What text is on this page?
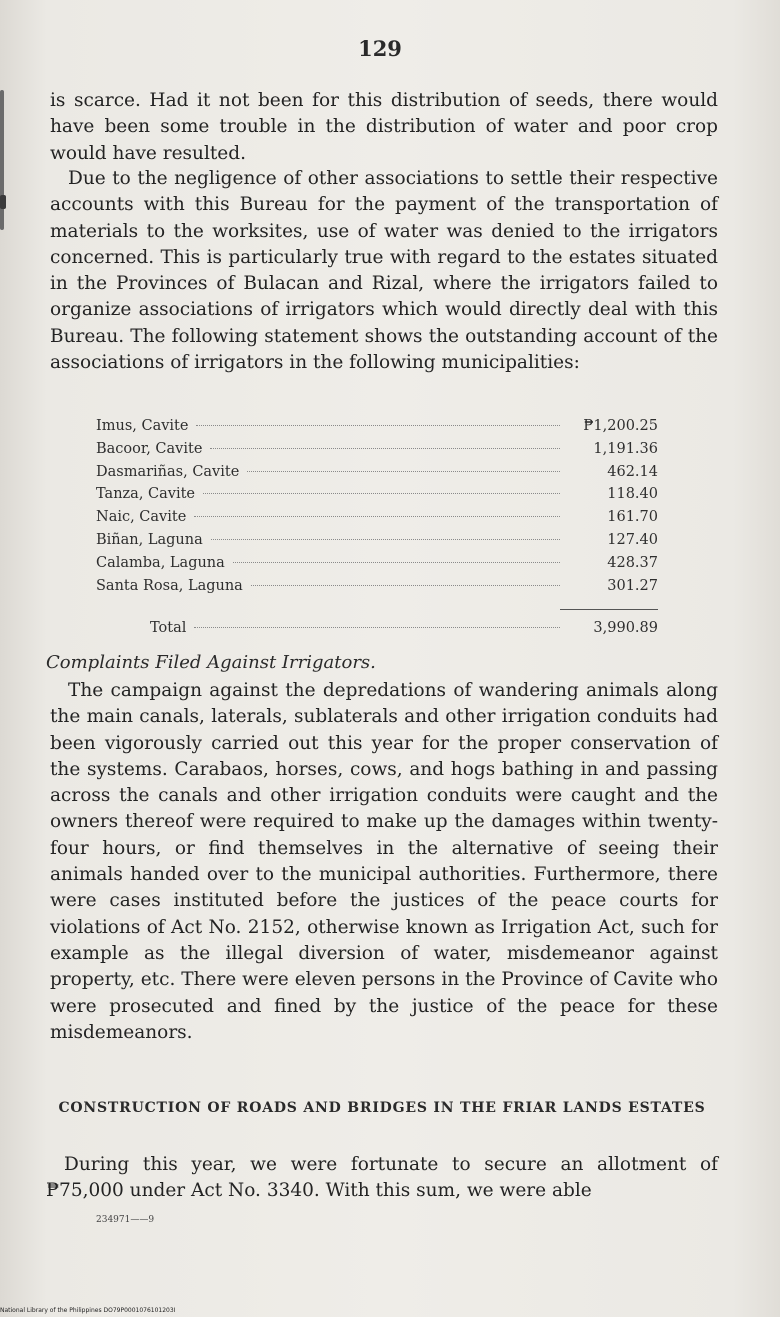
129

is scarce. Had it not been for this distribution of seeds, there would have been some trouble in the distribution of water and poor crop would have resulted.

Due to the negligence of other associations to settle their respective accounts with this Bureau for the payment of the transportation of materials to the worksites, use of water was denied to the irrigators concerned. This is particularly true with regard to the estates situated in the Provinces of Bulacan and Rizal, where the irrigators failed to organize associations of irrigators which would directly deal with this Bureau. The following statement shows the outstanding account of the associations of irrigators in the following municipalities:

Imus, Cavite	₱1,200.25
Bacoor, Cavite	1,191.36
Dasmariñas, Cavite	462.14
Tanza, Cavite	118.40
Naic, Cavite	161.70
Biñan, Laguna	127.40
Calamba, Laguna	428.37
Santa Rosa, Laguna	301.27
Total	3,990.89
Complaints Filed Against Irrigators.

The campaign against the depredations of wandering animals along the main canals, laterals, sublaterals and other irrigation conduits had been vigorously carried out this year for the proper conservation of the systems. Carabaos, horses, cows, and hogs bathing in and passing across the canals and other irrigation conduits were caught and the owners thereof were required to make up the damages within twenty-four hours, or find themselves in the alternative of seeing their animals handed over to the municipal authorities. Furthermore, there were cases instituted before the justices of the peace courts for violations of Act No. 2152, otherwise known as Irrigation Act, such for example as the illegal diversion of water, misdemeanor against property, etc. There were eleven persons in the Province of Cavite who were prosecuted and fined by the justice of the peace for these misdemeanors.

CONSTRUCTION OF ROADS AND BRIDGES IN THE FRIAR LANDS ESTATES

During this year, we were fortunate to secure an allotment of ₱75,000 under Act No. 3340. With this sum, we were able

234971——9
National Library of the Philippines DO79P0001076101203I
